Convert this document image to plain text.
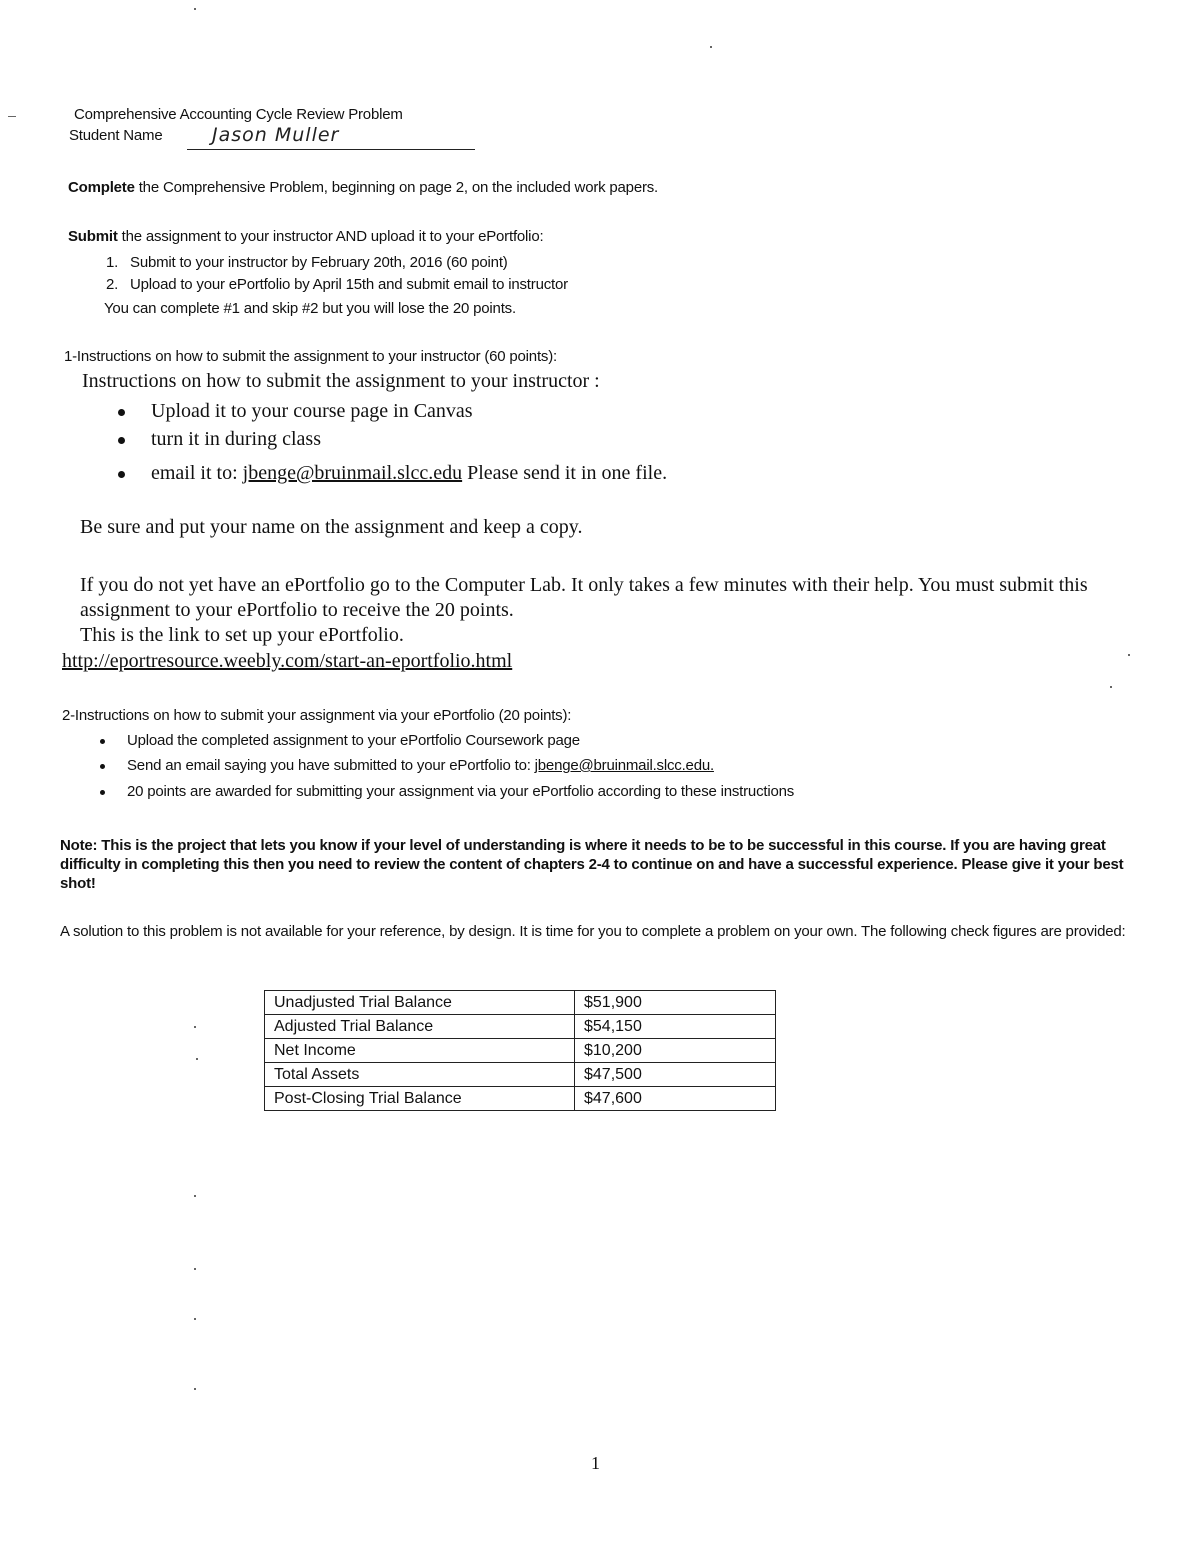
Comprehensive Accounting Cycle Review Problem
Student Name	Jason Muller
Complete the Comprehensive Problem, beginning on page 2, on the included work papers.
Submit the assignment to your instructor AND upload it to your ePortfolio:
1.   Submit to your instructor by February 20th, 2016 (60 point)
2.   Upload to your ePortfolio by April 15th and submit email to instructor
You can complete #1 and skip #2 but you will lose the 20 points.
1-Instructions on how to submit the assignment to your instructor (60 points):
Instructions on how to submit the assignment to your instructor :
Upload it to your course page in Canvas
turn it in during class
email it to: jbenge@bruinmail.slcc.edu Please send it in one file.
Be sure and put your name on the assignment and keep a copy.
If you do not yet have an ePortfolio go to the Computer Lab. It only takes a few minutes with their help. You must submit this assignment to your ePortfolio to receive the 20 points.
This is the link to set up your ePortfolio.
http://eportresource.weebly.com/start-an-eportfolio.html
2-Instructions on how to submit your assignment via your ePortfolio (20 points):
Upload the completed assignment to your ePortfolio Coursework page
Send an email saying you have submitted to your ePortfolio to: jbenge@bruinmail.slcc.edu.
20 points are awarded for submitting your assignment via your ePortfolio according to these instructions
Note: This is the project that lets you know if your level of understanding is where it needs to be to be successful in this course. If you are having great difficulty in completing this then you need to review the content of chapters 2-4 to continue on and have a successful experience. Please give it your best shot!
A solution to this problem is not available for your reference, by design. It is time for you to complete a problem on your own. The following check figures are provided:
Unadjusted Trial Balance	$51,900
Adjusted Trial Balance	$54,150
Net Income	$10,200
Total Assets	$47,500
Post-Closing Trial Balance	$47,600
1
